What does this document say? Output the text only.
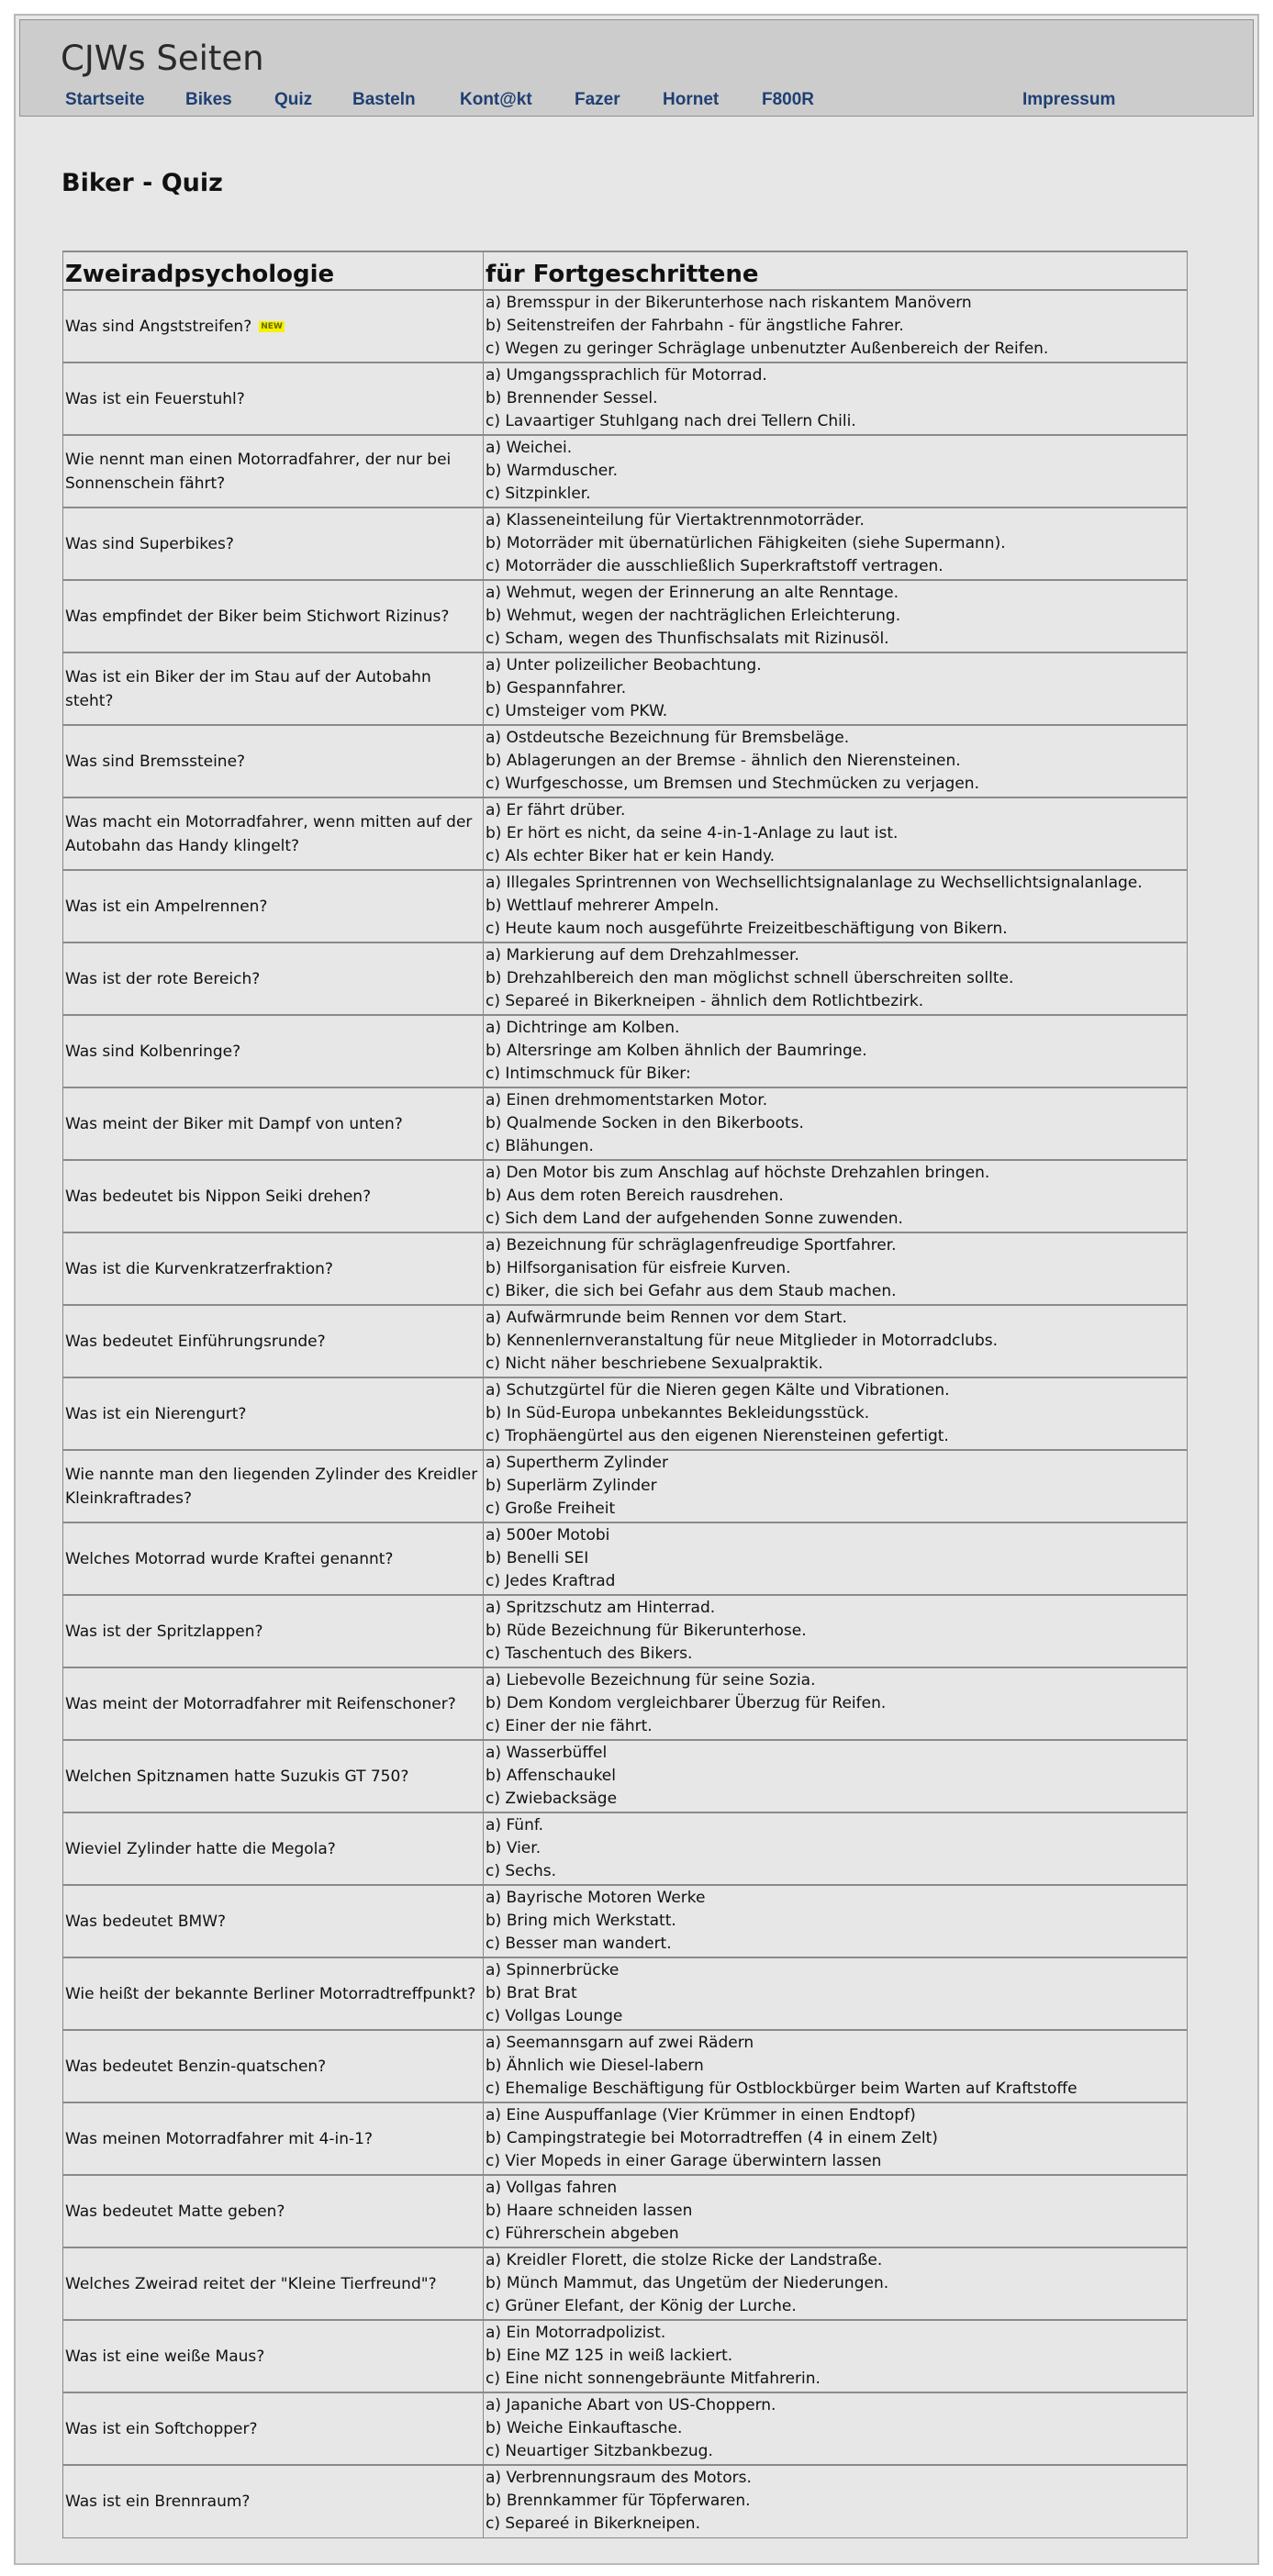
CJWs Seiten
Startseite Bikes Quiz Basteln	Kont@kt Fazer Hornet F800R	Impressum
Biker - Quiz
Zweiradpsychologie	für Fortgeschrittene
Was sind Angststreifen? NEW	a) Bremsspur in der Bikerunterhose nach riskantem Manövern
b) Seitenstreifen der Fahrbahn - für ängstliche Fahrer.
c) Wegen zu geringer Schräglage unbenutzter Außenbereich der Reifen.

Was ist ein Feuerstuhl?	a) Umgangssprachlich für Motorrad.
b) Brennender Sessel.
c) Lavaartiger Stuhlgang nach drei Tellern Chili.

Wie nennt man einen Motorradfahrer, der nur bei Sonnenschein fährt?	a) Weichei.
b) Warmduscher.
c) Sitzpinkler.

Was sind Superbikes?	a) Klasseneinteilung für Viertaktrennmotorräder.
b) Motorräder mit übernatürlichen Fähigkeiten (siehe Supermann).
c) Motorräder die ausschließlich Superkraftstoff vertragen.

Was empfindet der Biker beim Stichwort Rizinus?	a) Wehmut, wegen der Erinnerung an alte Renntage.
b) Wehmut, wegen der nachträglichen Erleichterung.
c) Scham, wegen des Thunfischsalats mit Rizinusöl.

Was ist ein Biker der im Stau auf der Autobahn steht?	a) Unter polizeilicher Beobachtung.
b) Gespannfahrer.
c) Umsteiger vom PKW.

Was sind Bremssteine?	a) Ostdeutsche Bezeichnung für Bremsbeläge.
b) Ablagerungen an der Bremse - ähnlich den Nierensteinen.
c) Wurfgeschosse, um Bremsen und Stechmücken zu verjagen.

Was macht ein Motorradfahrer, wenn mitten auf der Autobahn das Handy klingelt?	a) Er fährt drüber.
b) Er hört es nicht, da seine 4-in-1-Anlage zu laut ist.
c) Als echter Biker hat er kein Handy.

Was ist ein Ampelrennen?	a) Illegales Sprintrennen von Wechsellichtsignalanlage zu Wechsellichtsignalanlage.
b) Wettlauf mehrerer Ampeln.
c) Heute kaum noch ausgeführte Freizeitbeschäftigung von Bikern.

Was ist der rote Bereich?	a) Markierung auf dem Drehzahlmesser.
b) Drehzahlbereich den man möglichst schnell überschreiten sollte.
c) Separeé in Bikerkneipen - ähnlich dem Rotlichtbezirk.

Was sind Kolbenringe?	a) Dichtringe am Kolben.
b) Altersringe am Kolben ähnlich der Baumringe.
c) Intimschmuck für Biker:

Was meint der Biker mit Dampf von unten?	a) Einen drehmomentstarken Motor.
b) Qualmende Socken in den Bikerboots.
c) Blähungen.

Was bedeutet bis Nippon Seiki drehen?	a) Den Motor bis zum Anschlag auf höchste Drehzahlen bringen.
b) Aus dem roten Bereich rausdrehen.
c) Sich dem Land der aufgehenden Sonne zuwenden.

Was ist die Kurvenkratzerfraktion?	a) Bezeichnung für schräglagenfreudige Sportfahrer.
b) Hilfsorganisation für eisfreie Kurven.
c) Biker, die sich bei Gefahr aus dem Staub machen.

Was bedeutet Einführungsrunde?	a) Aufwärmrunde beim Rennen vor dem Start.
b) Kennenlernveranstaltung für neue Mitglieder in Motorradclubs.
c) Nicht näher beschriebene Sexualpraktik.

Was ist ein Nierengurt?	a) Schutzgürtel für die Nieren gegen Kälte und Vibrationen.
b) In Süd-Europa unbekanntes Bekleidungsstück.
c) Trophäengürtel aus den eigenen Nierensteinen gefertigt.

Wie nannte man den liegenden Zylinder des Kreidler Kleinkraftrades?	a) Supertherm Zylinder
b) Superlärm Zylinder
c) Große Freiheit

Welches Motorrad wurde Kraftei genannt?	a) 500er Motobi
b) Benelli SEI
c) Jedes Kraftrad

Was ist der Spritzlappen?	a) Spritzschutz am Hinterrad.
b) Rüde Bezeichnung für Bikerunterhose.
c) Taschentuch des Bikers.

Was meint der Motorradfahrer mit Reifenschoner?	a) Liebevolle Bezeichnung für seine Sozia.
b) Dem Kondom vergleichbarer Überzug für Reifen.
c) Einer der nie fährt.

Welchen Spitznamen hatte Suzukis GT 750?	a) Wasserbüffel
b) Affenschaukel
c) Zwiebacksäge

Wieviel Zylinder hatte die Megola?	a) Fünf.
b) Vier.
c) Sechs.

Was bedeutet BMW?	a) Bayrische Motoren Werke
b) Bring mich Werkstatt.
c) Besser man wandert.

Wie heißt der bekannte Berliner Motorradtreffpunkt?	a) Spinnerbrücke
b) Brat Brat
c) Vollgas Lounge

Was bedeutet Benzin-quatschen?	a) Seemannsgarn auf zwei Rädern
b) Ähnlich wie Diesel-labern
c) Ehemalige Beschäftigung für Ostblockbürger beim Warten auf Kraftstoffe

Was meinen Motorradfahrer mit 4-in-1?	a) Eine Auspuffanlage (Vier Krümmer in einen Endtopf)
b) Campingstrategie bei Motorradtreffen (4 in einem Zelt)
c) Vier Mopeds in einer Garage überwintern lassen

Was bedeutet Matte geben?	a) Vollgas fahren
b) Haare schneiden lassen
c) Führerschein abgeben

Welches Zweirad reitet der "Kleine Tierfreund"?	a) Kreidler Florett, die stolze Ricke der Landstraße.
b) Münch Mammut, das Ungetüm der Niederungen.
c) Grüner Elefant, der König der Lurche.

Was ist eine weiße Maus?	a) Ein Motorradpolizist.
b) Eine MZ 125 in weiß lackiert.
c) Eine nicht sonnengebräunte Mitfahrerin.

Was ist ein Softchopper?	a) Japaniche Abart von US-Choppern.
b) Weiche Einkauftasche.
c) Neuartiger Sitzbankbezug.

Was ist ein Brennraum?	a) Verbrennungsraum des Motors.
b) Brennkammer für Töpferwaren.
c) Separeé in Bikerkneipen.
